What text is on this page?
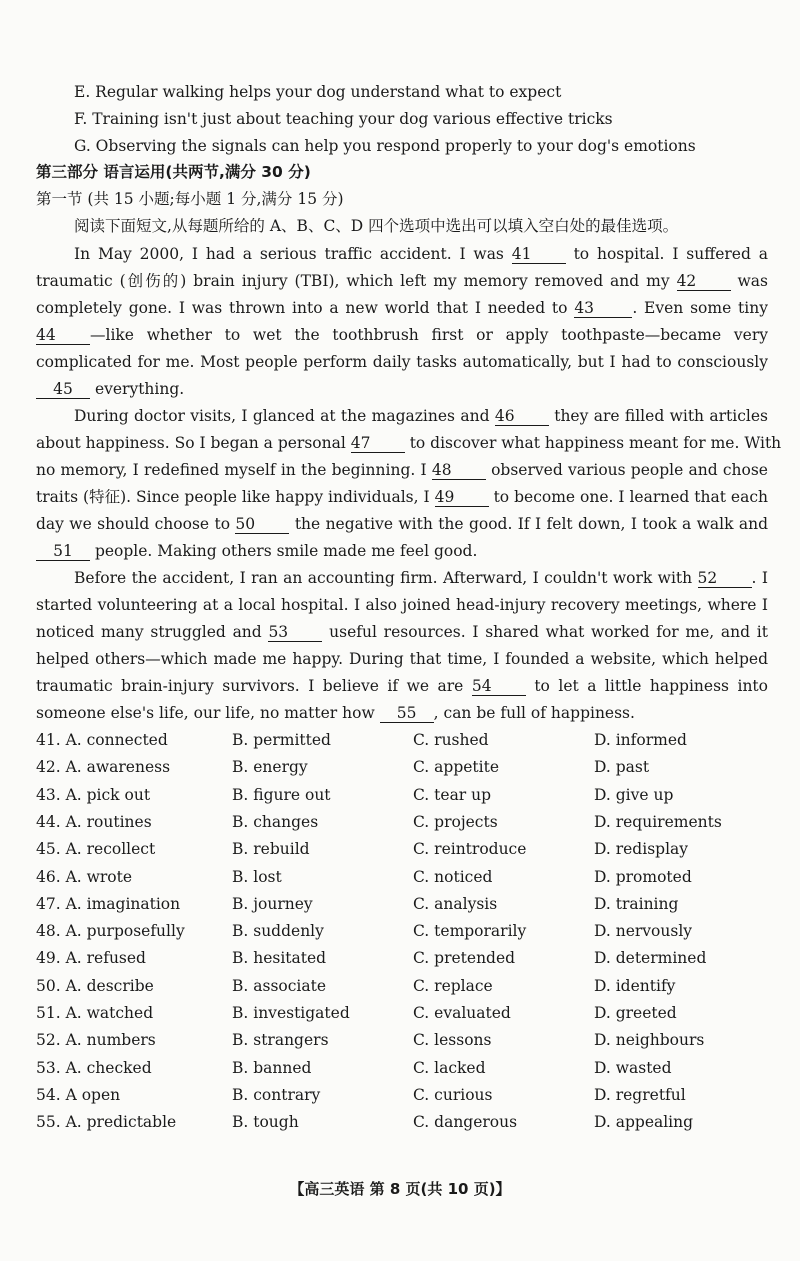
E. Regular walking helps your dog understand what to expect
F. Training isn't just about teaching your dog various effective tricks
G. Observing the signals can help you respond properly to your dog's emotions
第三部分 语言运用(共两节,满分 30 分)
第一节 (共 15 小题;每小题 1 分,满分 15 分)
阅读下面短文,从每题所给的 A、B、C、D 四个选项中选出可以填入空白处的最佳选项。
In May 2000, I had a serious traffic accident. I was 41	to hospital. I suffered a
traumatic (创伤的) brain injury (TBI), which left my memory removed and my 42	was
completely gone. I was thrown into a new world that I needed to 43 . Even some tiny
44 —like whether to wet the toothbrush first or apply toothpaste—became very
complicated for me. Most people perform daily tasks automatically, but I had to consciously
45 everything.
During doctor visits, I glanced at the magazines and 46	they are filled with articles
about happiness. So I began a personal 47	to discover what happiness meant for me. With
no memory, I redefined myself in the beginning. I 48	observed various people and chose
traits (特征). Since people like happy individuals, I 49	to become one. I learned that each
day we should choose to 50	the negative with the good. If I felt down, I took a walk and
51 people. Making others smile made me feel good.
Before the accident, I ran an accounting firm. Afterward, I couldn't work with 52 . I
started volunteering at a local hospital. I also joined head-injury recovery meetings, where I
noticed many struggled and 53	useful resources. I shared what worked for me, and it
helped others—which made me happy. During that time, I founded a website, which helped
traumatic brain-injury survivors. I believe if we are 54	to let a little happiness into
someone else's life, our life, no matter how 55 , can be full of happiness.
41. A. connected	B. permitted	C. rushed	D. informed
42. A. awareness	B. energy	C. appetite	D. past
43. A. pick out	B. figure out	C. tear up	D. give up
44. A. routines	B. changes	C. projects	D. requirements
45. A. recollect	B. rebuild	C. reintroduce	D. redisplay
46. A. wrote	B. lost	C. noticed	D. promoted
47. A. imagination	B. journey	C. analysis	D. training
48. A. purposefully	B. suddenly	C. temporarily	D. nervously
49. A. refused	B. hesitated	C. pretended	D. determined
50. A. describe	B. associate	C. replace	D. identify
51. A. watched	B. investigated	C. evaluated	D. greeted
52. A. numbers	B. strangers	C. lessons	D. neighbours
53. A. checked	B. banned	C. lacked	D. wasted
54. A open	B. contrary	C. curious	D. regretful
55. A. predictable	B. tough	C. dangerous	D. appealing
【高三英语 第 8 页(共 10 页)】
